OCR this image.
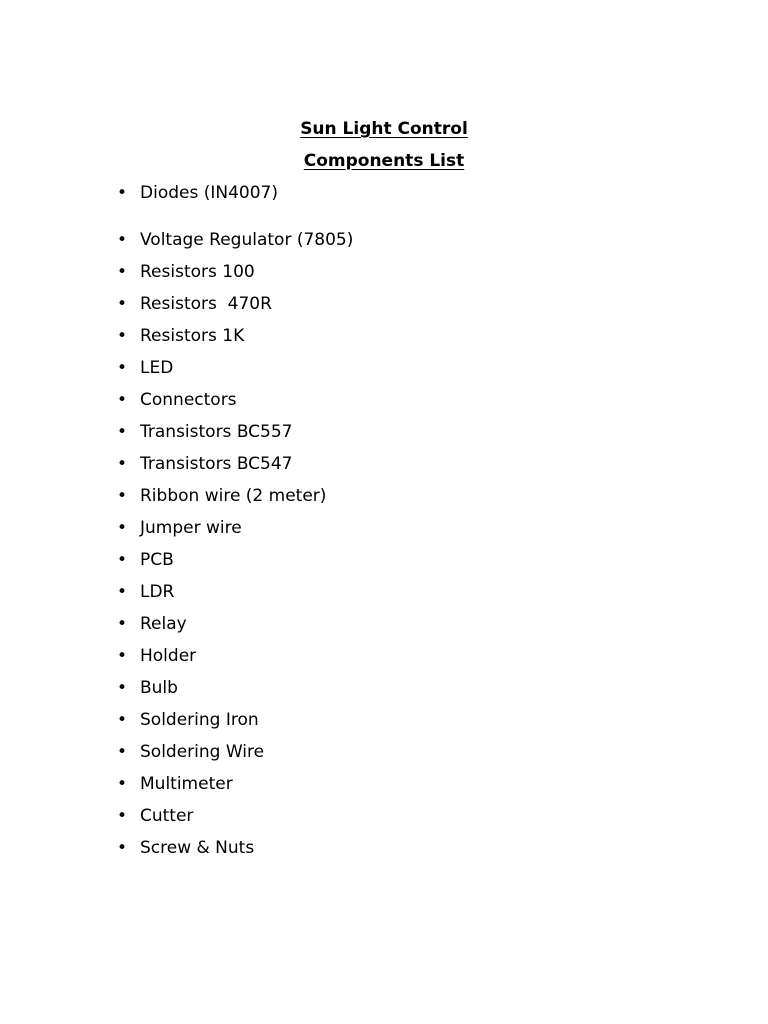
Sun Light Control
Components List
• Diodes (IN4007)
• Voltage Regulator (7805)
• Resistors 100
• Resistors  470R
• Resistors 1K
• LED
• Connectors
• Transistors BC557
• Transistors BC547
• Ribbon wire (2 meter)
• Jumper wire
• PCB
• LDR
• Relay
• Holder
• Bulb
• Soldering Iron
• Soldering Wire
• Multimeter
• Cutter
• Screw & Nuts
